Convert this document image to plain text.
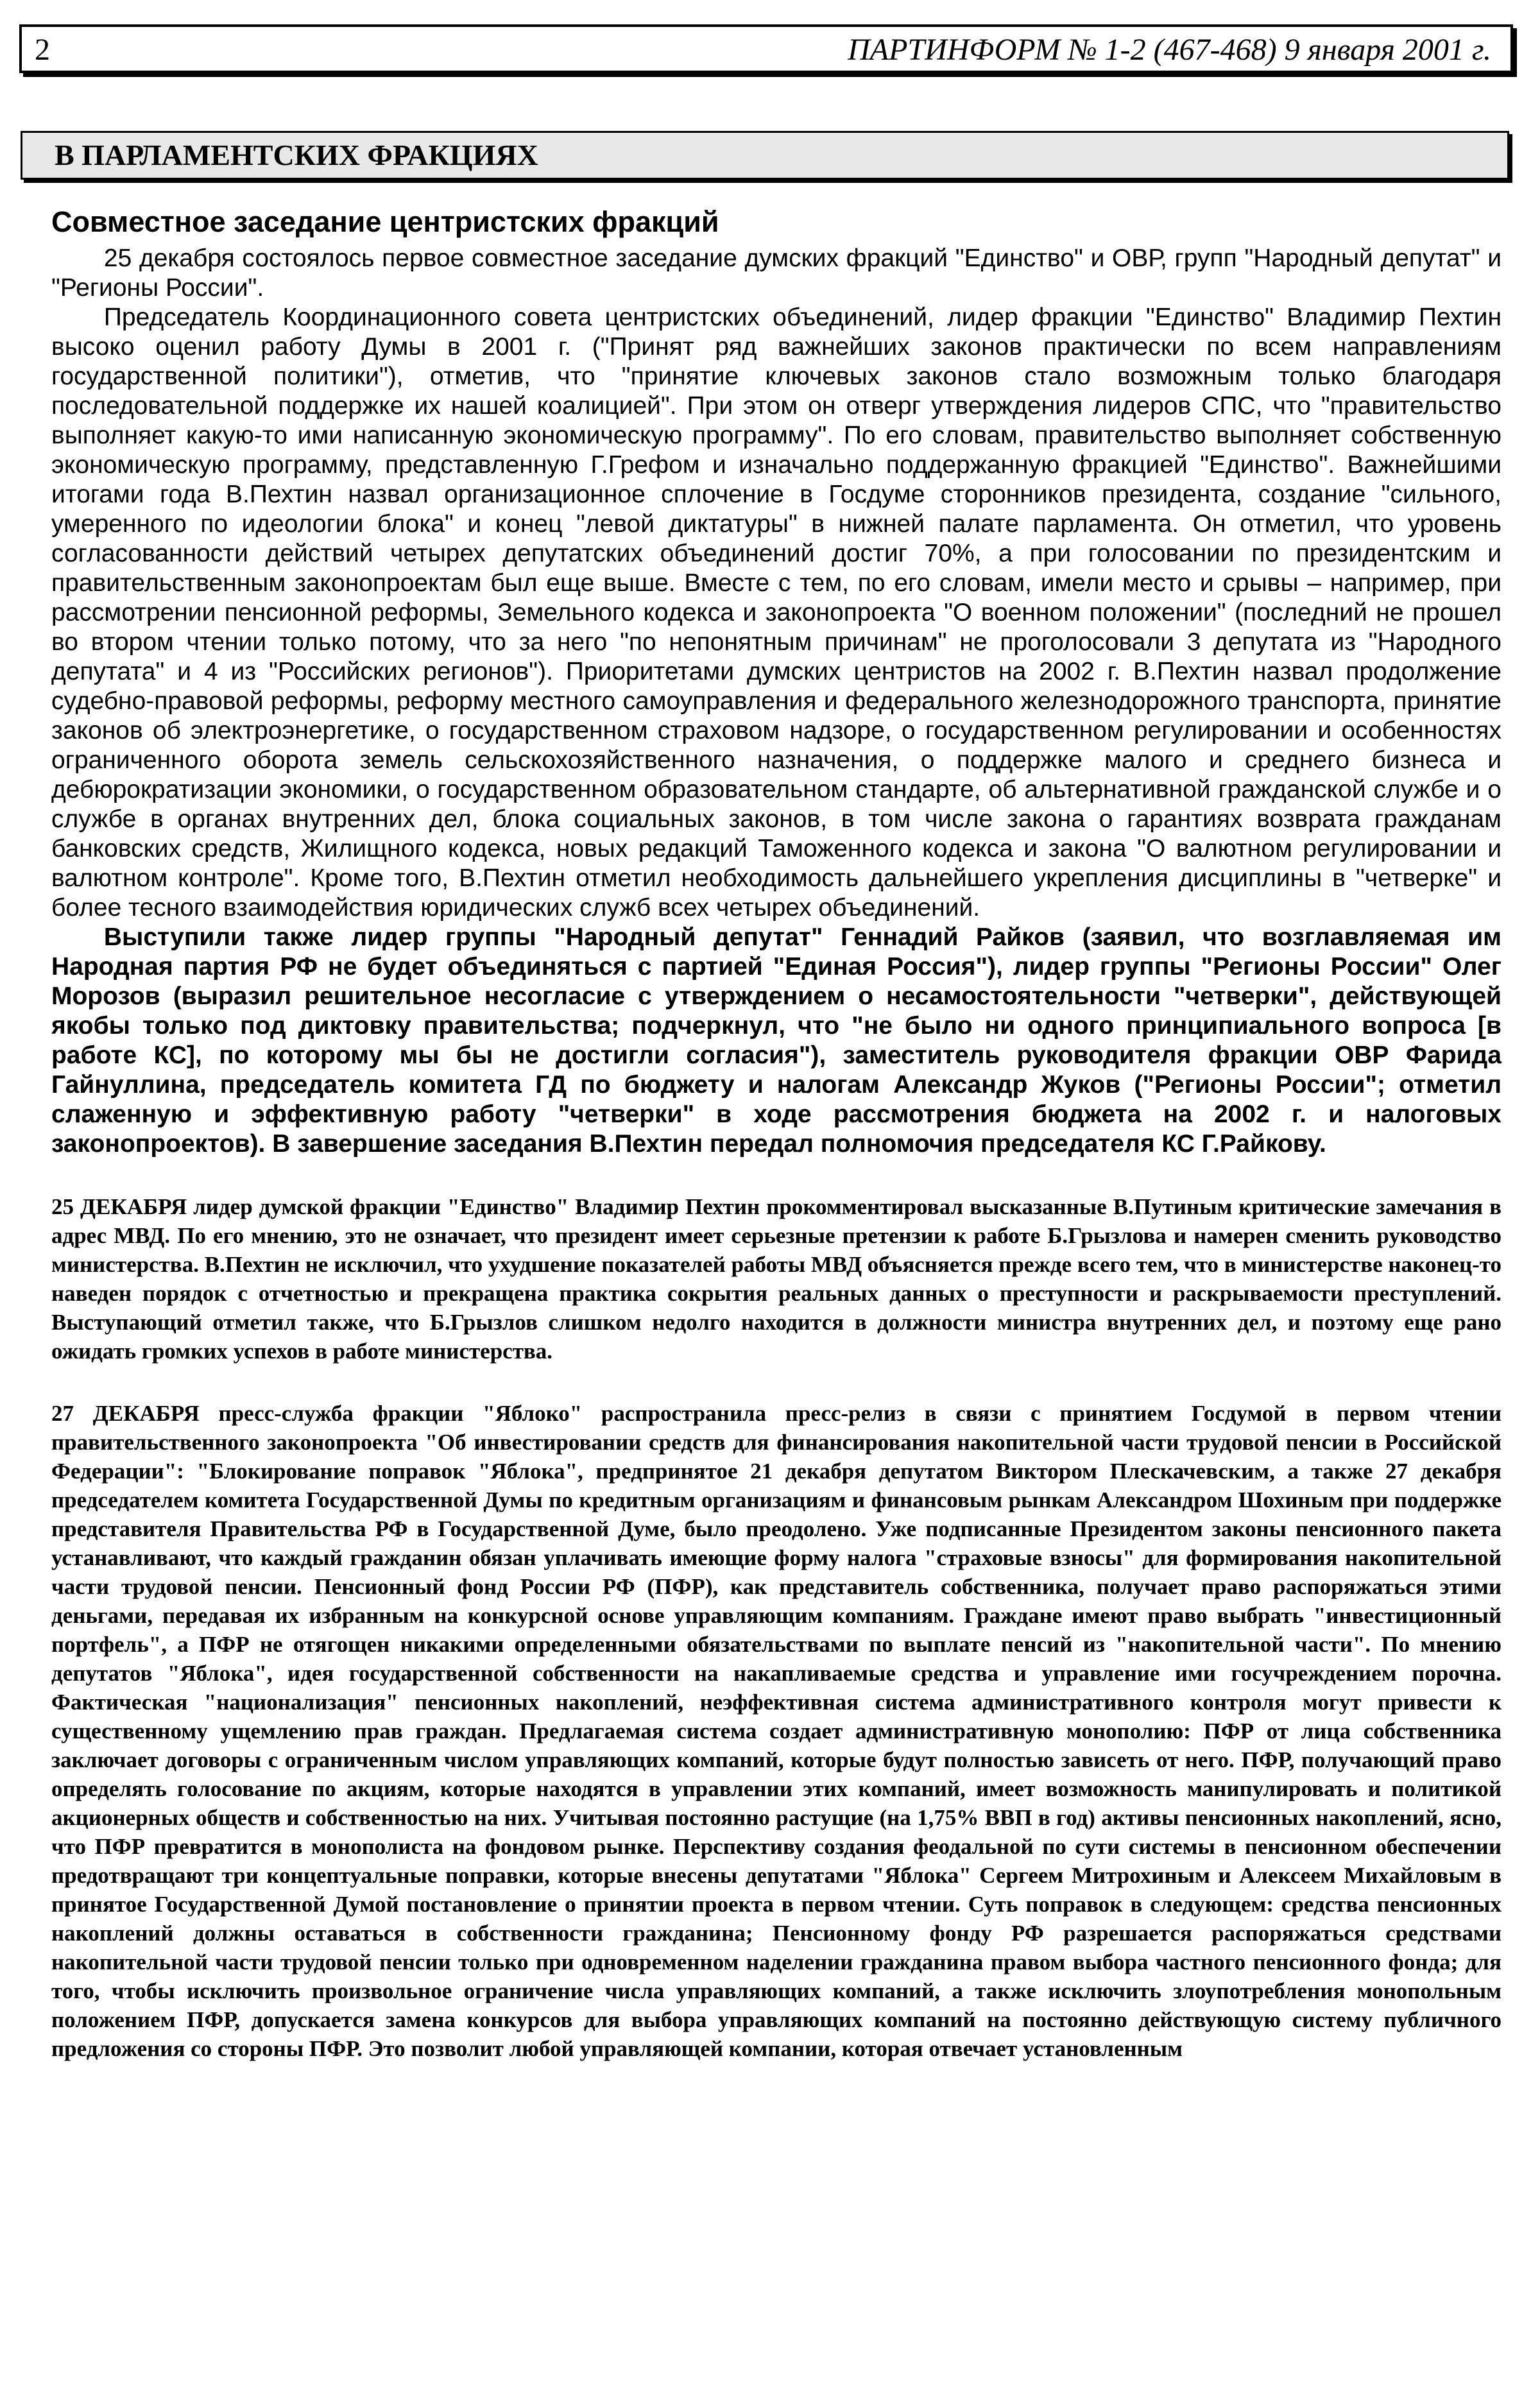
2	ПАРТИНФОРМ № 1-2 (467-468) 9 января 2001 г.
В ПАРЛАМЕНТСКИХ ФРАКЦИЯХ
Совместное заседание центристских фракций

25 декабря состоялось первое совместное заседание думских фракций "Единство" и ОВР, групп "Народный депутат" и "Регионы России".

Председатель Координационного совета центристских объединений, лидер фракции "Единство" Владимир Пехтин высоко оценил работу Думы в 2001 г. ("Принят ряд важнейших законов практически по всем направлениям государственной политики"), отметив, что "принятие ключевых законов стало возможным только благодаря последовательной поддержке их нашей коалицией". При этом он отверг утверждения лидеров СПС, что "правительство выполняет какую-то ими написанную экономическую программу". По его словам, правительство выполняет собственную экономическую программу, представленную Г.Грефом и изначально поддержанную фракцией "Единство". Важнейшими итогами года В.Пехтин назвал организационное сплочение в Госдуме сторонников президента, создание "сильного, умеренного по идеологии блока" и конец "левой диктатуры" в нижней палате парламента. Он отметил, что уровень согласованности действий четырех депутатских объединений достиг 70%, а при голосовании по президентским и правительственным законопроектам был еще выше. Вместе с тем, по его словам, имели место и срывы – например, при рассмотрении пенсионной реформы, Земельного кодекса и законопроекта "О военном положении" (последний не прошел во втором чтении только потому, что за него "по непонятным причинам" не проголосовали 3 депутата из "Народного депутата" и 4 из "Российских регионов"). Приоритетами думских центристов на 2002 г. В.Пехтин назвал продолжение судебно-правовой реформы, реформу местного самоуправления и федерального железнодорожного транспорта, принятие законов об электроэнергетике, о государственном страховом надзоре, о государственном регулировании и особенностях ограниченного оборота земель сельскохозяйственного назначения, о поддержке малого и среднего бизнеса и дебюрократизации экономики, о государственном образовательном стандарте, об альтернативной гражданской службе и о службе в органах внутренних дел, блока социальных законов, в том числе закона о гарантиях возврата гражданам банковских средств, Жилищного кодекса, новых редакций Таможенного кодекса и закона "О валютном регулировании и валютном контроле". Кроме того, В.Пехтин отметил необходимость дальнейшего укрепления дисциплины в "четверке" и более тесного взаимодействия юридических служб всех четырех объединений.

Выступили также лидер группы "Народный депутат" Геннадий Райков (заявил, что возглавляемая им Народная партия РФ не будет объединяться с партией "Единая Россия"), лидер группы "Регионы России" Олег Морозов (выразил решительное несогласие с утверждением о несамостоятельности "четверки", действующей якобы только под диктовку правительства; подчеркнул, что "не было ни одного принципиального вопроса [в работе КС], по которому мы бы не достигли согласия"), заместитель руководителя фракции ОВР Фарида Гайнуллина, председатель комитета ГД по бюджету и налогам Александр Жуков ("Регионы России"; отметил слаженную и эффективную работу "четверки" в ходе рассмотрения бюджета на 2002 г. и налоговых законопроектов). В завершение заседания В.Пехтин передал полномочия председателя КС Г.Райкову.

25 ДЕКАБРЯ лидер думской фракции "Единство" Владимир Пехтин прокомментировал высказанные В.Путиным критические замечания в адрес МВД. По его мнению, это не означает, что президент имеет серьезные претензии к работе Б.Грызлова и намерен сменить руководство министерства. В.Пехтин не исключил, что ухудшение показателей работы МВД объясняется прежде всего тем, что в министерстве наконец-то наведен порядок с отчетностью и прекращена практика сокрытия реальных данных о преступности и раскрываемости преступлений. Выступающий отметил также, что Б.Грызлов слишком недолго находится в должности министра внутренних дел, и поэтому еще рано ожидать громких успехов в работе министерства.

27 ДЕКАБРЯ пресс-служба фракции "Яблоко" распространила пресс-релиз в связи с принятием Госдумой в первом чтении правительственного законопроекта "Об инвестировании средств для финансирования накопительной части трудовой пенсии в Российской Федерации": "Блокирование поправок "Яблока", предпринятое 21 декабря депутатом Виктором Плескачевским, а также 27 декабря председателем комитета Государственной Думы по кредитным организациям и финансовым рынкам Александром Шохиным при поддержке представителя Правительства РФ в Государственной Думе, было преодолено. Уже подписанные Президентом законы пенсионного пакета устанавливают, что каждый гражданин обязан уплачивать имеющие форму налога "страховые взносы" для формирования накопительной части трудовой пенсии. Пенсионный фонд России РФ (ПФР), как представитель собственника, получает право распоряжаться этими деньгами, передавая их избранным на конкурсной основе управляющим компаниям. Граждане имеют право выбрать "инвестиционный портфель", а ПФР не отягощен никакими определенными обязательствами по выплате пенсий из "накопительной части". По мнению депутатов "Яблока", идея государственной собственности на накапливаемые средства и управление ими госучреждением порочна. Фактическая "национализация" пенсионных накоплений, неэффективная система административного контроля могут привести к существенному ущемлению прав граждан. Предлагаемая система создает административную монополию: ПФР от лица собственника заключает договоры с ограниченным числом управляющих компаний, которые будут полностью зависеть от него. ПФР, получающий право определять голосование по акциям, которые находятся в управлении этих компаний, имеет возможность манипулировать и политикой акционерных обществ и собственностью на них. Учитывая постоянно растущие (на 1,75% ВВП в год) активы пенсионных накоплений, ясно, что ПФР превратится в монополиста на фондовом рынке. Перспективу создания феодальной по сути системы в пенсионном обеспечении предотвращают три концептуальные поправки, которые внесены депутатами "Яблока" Сергеем Митрохиным и Алексеем Михайловым в принятое Государственной Думой постановление о принятии проекта в первом чтении. Суть поправок в следующем: средства пенсионных накоплений должны оставаться в собственности гражданина; Пенсионному фонду РФ разрешается распоряжаться средствами накопительной части трудовой пенсии только при одновременном наделении гражданина правом выбора частного пенсионного фонда; для того, чтобы исключить произвольное ограничение числа управляющих компаний, а также исключить злоупотребления монопольным положением ПФР, допускается замена конкурсов для выбора управляющих компаний на постоянно действующую систему публичного предложения со стороны ПФР. Это позволит любой управляющей компании, которая отвечает установленным
